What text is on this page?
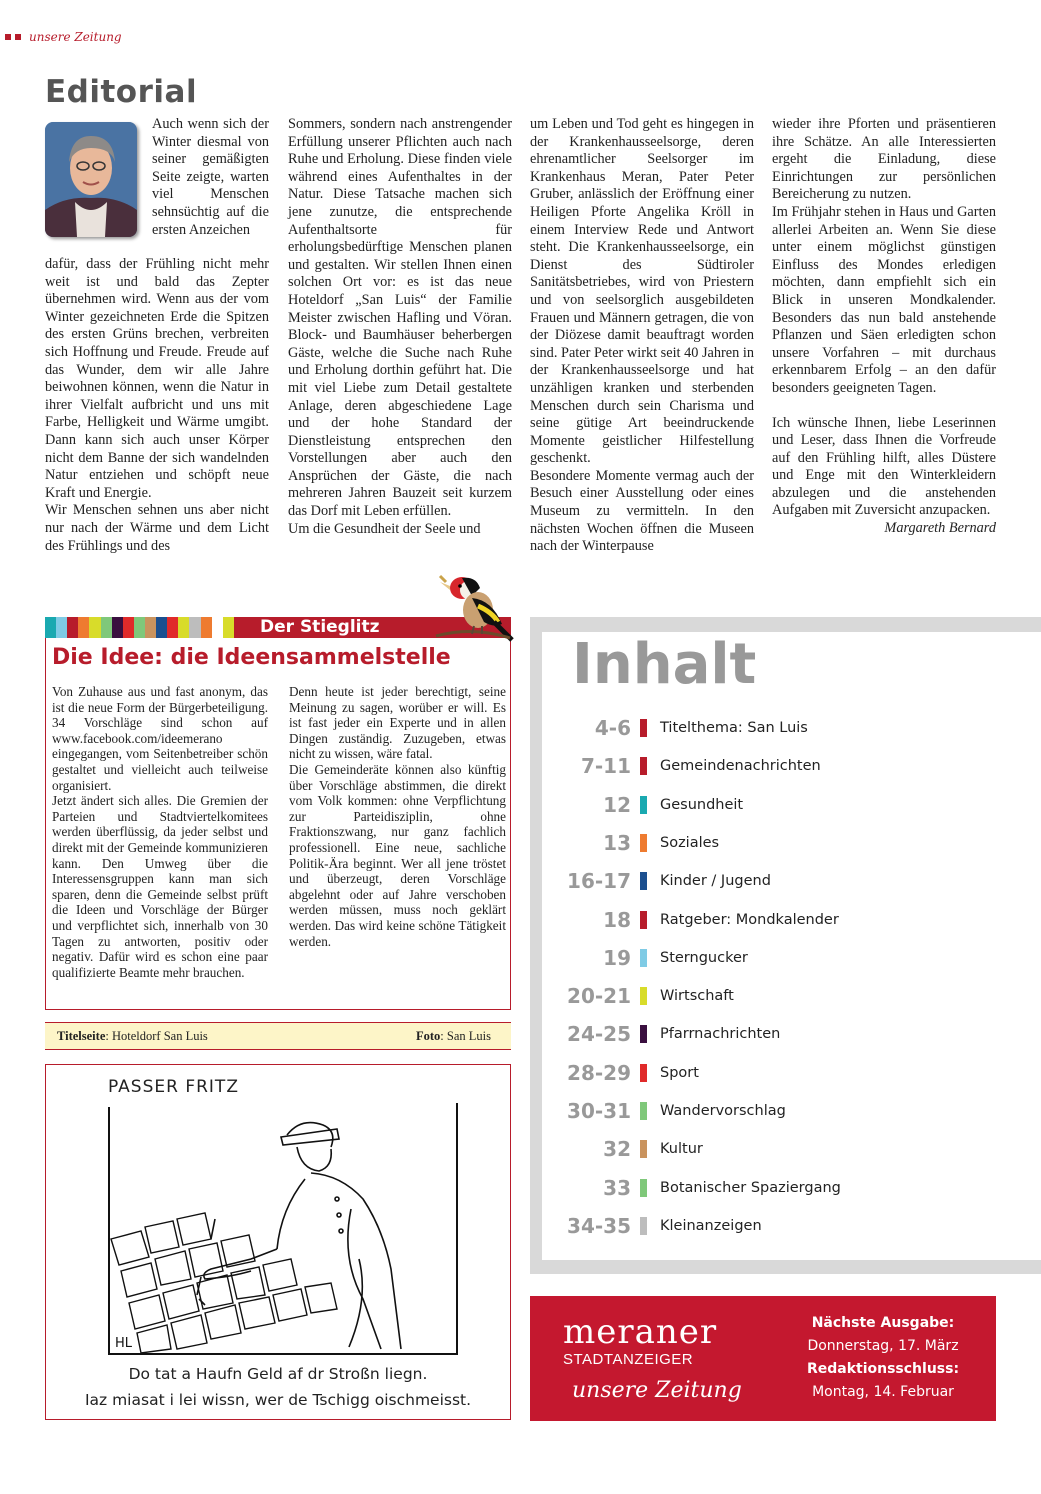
unsere Zeitung
Editorial

Auch wenn sich der Winter diesmal von seiner gemäßigten Seite zeigte, warten viel Menschen sehnsüchtig auf die ersten Anzeichen

dafür, dass der Frühling nicht mehr weit ist und bald das Zepter übernehmen wird. Wenn aus der vom Winter gezeichneten Erde die Spitzen des ersten Grüns brechen, verbreiten sich Hoffnung und Freude. Freude auf das Wunder, dem wir alle Jahre beiwohnen können, wenn die Natur in ihrer Vielfalt aufbricht und uns mit Farbe, Helligkeit und Wärme umgibt. Dann kann sich auch unser Körper nicht dem Banne der sich wandelnden Natur entziehen und schöpft neue Kraft und Energie.

Wir Menschen sehnen uns aber nicht nur nach der Wärme und dem Licht des Frühlings und des

Sommers, sondern nach anstrengender Erfüllung unserer Pflichten auch nach Ruhe und Erholung. Diese finden viele während eines Aufenthaltes in der Natur. Diese Tatsache machen sich jene zunutze, die entsprechende Aufenthaltsorte für erholungsbedürftige Menschen planen und gestalten. Wir stellen Ihnen einen solchen Ort vor: es ist das neue Hoteldorf „San Luis“ der Familie Meister zwischen Hafling und Vöran. Block- und Baumhäuser beherbergen Gäste, welche die Suche nach Ruhe und Erholung dorthin geführt hat. Die mit viel Liebe zum Detail gestaltete Anlage, deren abgeschiedene Lage und der hohe Standard der Dienstleistung entsprechen den Vorstellungen aber auch den Ansprüchen der Gäste, die nach mehreren Jahren Bauzeit seit kurzem das Dorf mit Leben erfüllen.

Um die Gesundheit der Seele und

um Leben und Tod geht es hingegen in der Krankenhausseelsorge, deren ehrenamtlicher Seelsorger im Krankenhaus Meran, Pater Peter Gruber, anlässlich der Eröffnung einer Heiligen Pforte Angelika Kröll in einem Interview Rede und Antwort steht. Die Krankenhausseelsorge, ein Dienst des Südtiroler Sanitätsbetriebes, wird von Priestern und von seelsorglich ausgebildeten Frauen und Männern getragen, die von der Diözese damit beauftragt worden sind. Pater Peter wirkt seit 40 Jahren in der Krankenhausseelsorge und hat unzähligen kranken und sterbenden Menschen durch sein Charisma und seine gütige Art beeindruckende Momente geistlicher Hilfestellung geschenkt.

Besondere Momente vermag auch der Besuch einer Ausstellung oder eines Museum zu vermitteln. In den nächsten Wochen öffnen die Museen nach der Winterpause

wieder ihre Pforten und präsentieren ihre Schätze. An alle Interessierten ergeht die Einladung, diese Einrichtungen zur persönlichen Bereicherung zu nutzen.

Im Frühjahr stehen in Haus und Garten allerlei Arbeiten an. Wenn Sie diese unter einem möglichst günstigen Einfluss des Mondes erledigen möchten, dann empfiehlt sich ein Blick in unseren Mondkalender. Besonders das nun bald anstehende Pflanzen und Säen erledigten schon unsere Vorfahren – mit durchaus erkennbarem Erfolg – an den dafür besonders geeigneten Tagen.

Ich wünsche Ihnen, liebe Leserinnen und Leser, dass Ihnen die Vorfreude auf den Frühling hilft, alles Düstere und Enge mit den Winterkleidern abzulegen und die anstehenden Aufgaben mit Zuversicht anzupacken.

Margareth Bernard

Der Stieglitz
Die Idee: die Ideensammelstelle

Von Zuhause aus und fast anonym, das ist die neue Form der Bürgerbeteiligung. 34 Vorschläge sind schon auf www.facebook.com/ideemerano eingegangen, vom Seitenbetreiber schön gestaltet und vielleicht auch teilweise organisiert.

Jetzt ändert sich alles. Die Gremien der Parteien und Stadtviertelkomitees werden überflüssig, da jeder selbst und direkt mit der Gemeinde kommunizieren kann. Den Umweg über die Interessensgruppen kann man sich sparen, denn die Gemeinde selbst prüft die Ideen und Vorschläge der Bürger und verpflichtet sich, innerhalb von 30 Tagen zu antworten, positiv oder negativ. Dafür wird es schon eine paar qualifizierte Beamte mehr brauchen.

Denn heute ist jeder berechtigt, seine Meinung zu sagen, worüber er will. Es ist fast jeder ein Experte und in allen Dingen zuständig. Zuzugeben, etwas nicht zu wissen, wäre fatal.

Die Gemeinderäte können also künftig über Vorschläge abstimmen, die direkt vom Volk kommen: ohne Verpflichtung zur Parteidisziplin, ohne Fraktionszwang, nur ganz fachlich professionell. Eine neue, sachliche Politik-Ära beginnt. Wer all jene tröstet und überzeugt, deren Vorschläge abgelehnt oder auf Jahre verschoben werden müssen, muss noch geklärt werden. Das wird keine schöne Tätigkeit werden.

Titelseite: Hoteldorf San Luis	Foto: San Luis
PASSER FRITZ
HL
Do tat a Haufn Geld af dr Stroßn liegn.
Iaz miasat i lei wissn, wer de Tschigg oischmeisst.
Inhalt
4-6 Titelthema: San Luis
7-11 Gemeindenachrichten
12 Gesundheit
13 Soziales
16-17 Kinder / Jugend
18 Ratgeber: Mondkalender
19 Sterngucker
20-21 Wirtschaft
24-25 Pfarrnachrichten
28-29 Sport
30-31 Wandervorschlag
32 Kultur
33 Botanischer Spaziergang
34-35 Kleinanzeigen
meraner
STADTANZEIGER
unsere Zeitung
Nächste Ausgabe:
Donnerstag, 17. März
Redaktionsschluss:
Montag, 14. Februar
